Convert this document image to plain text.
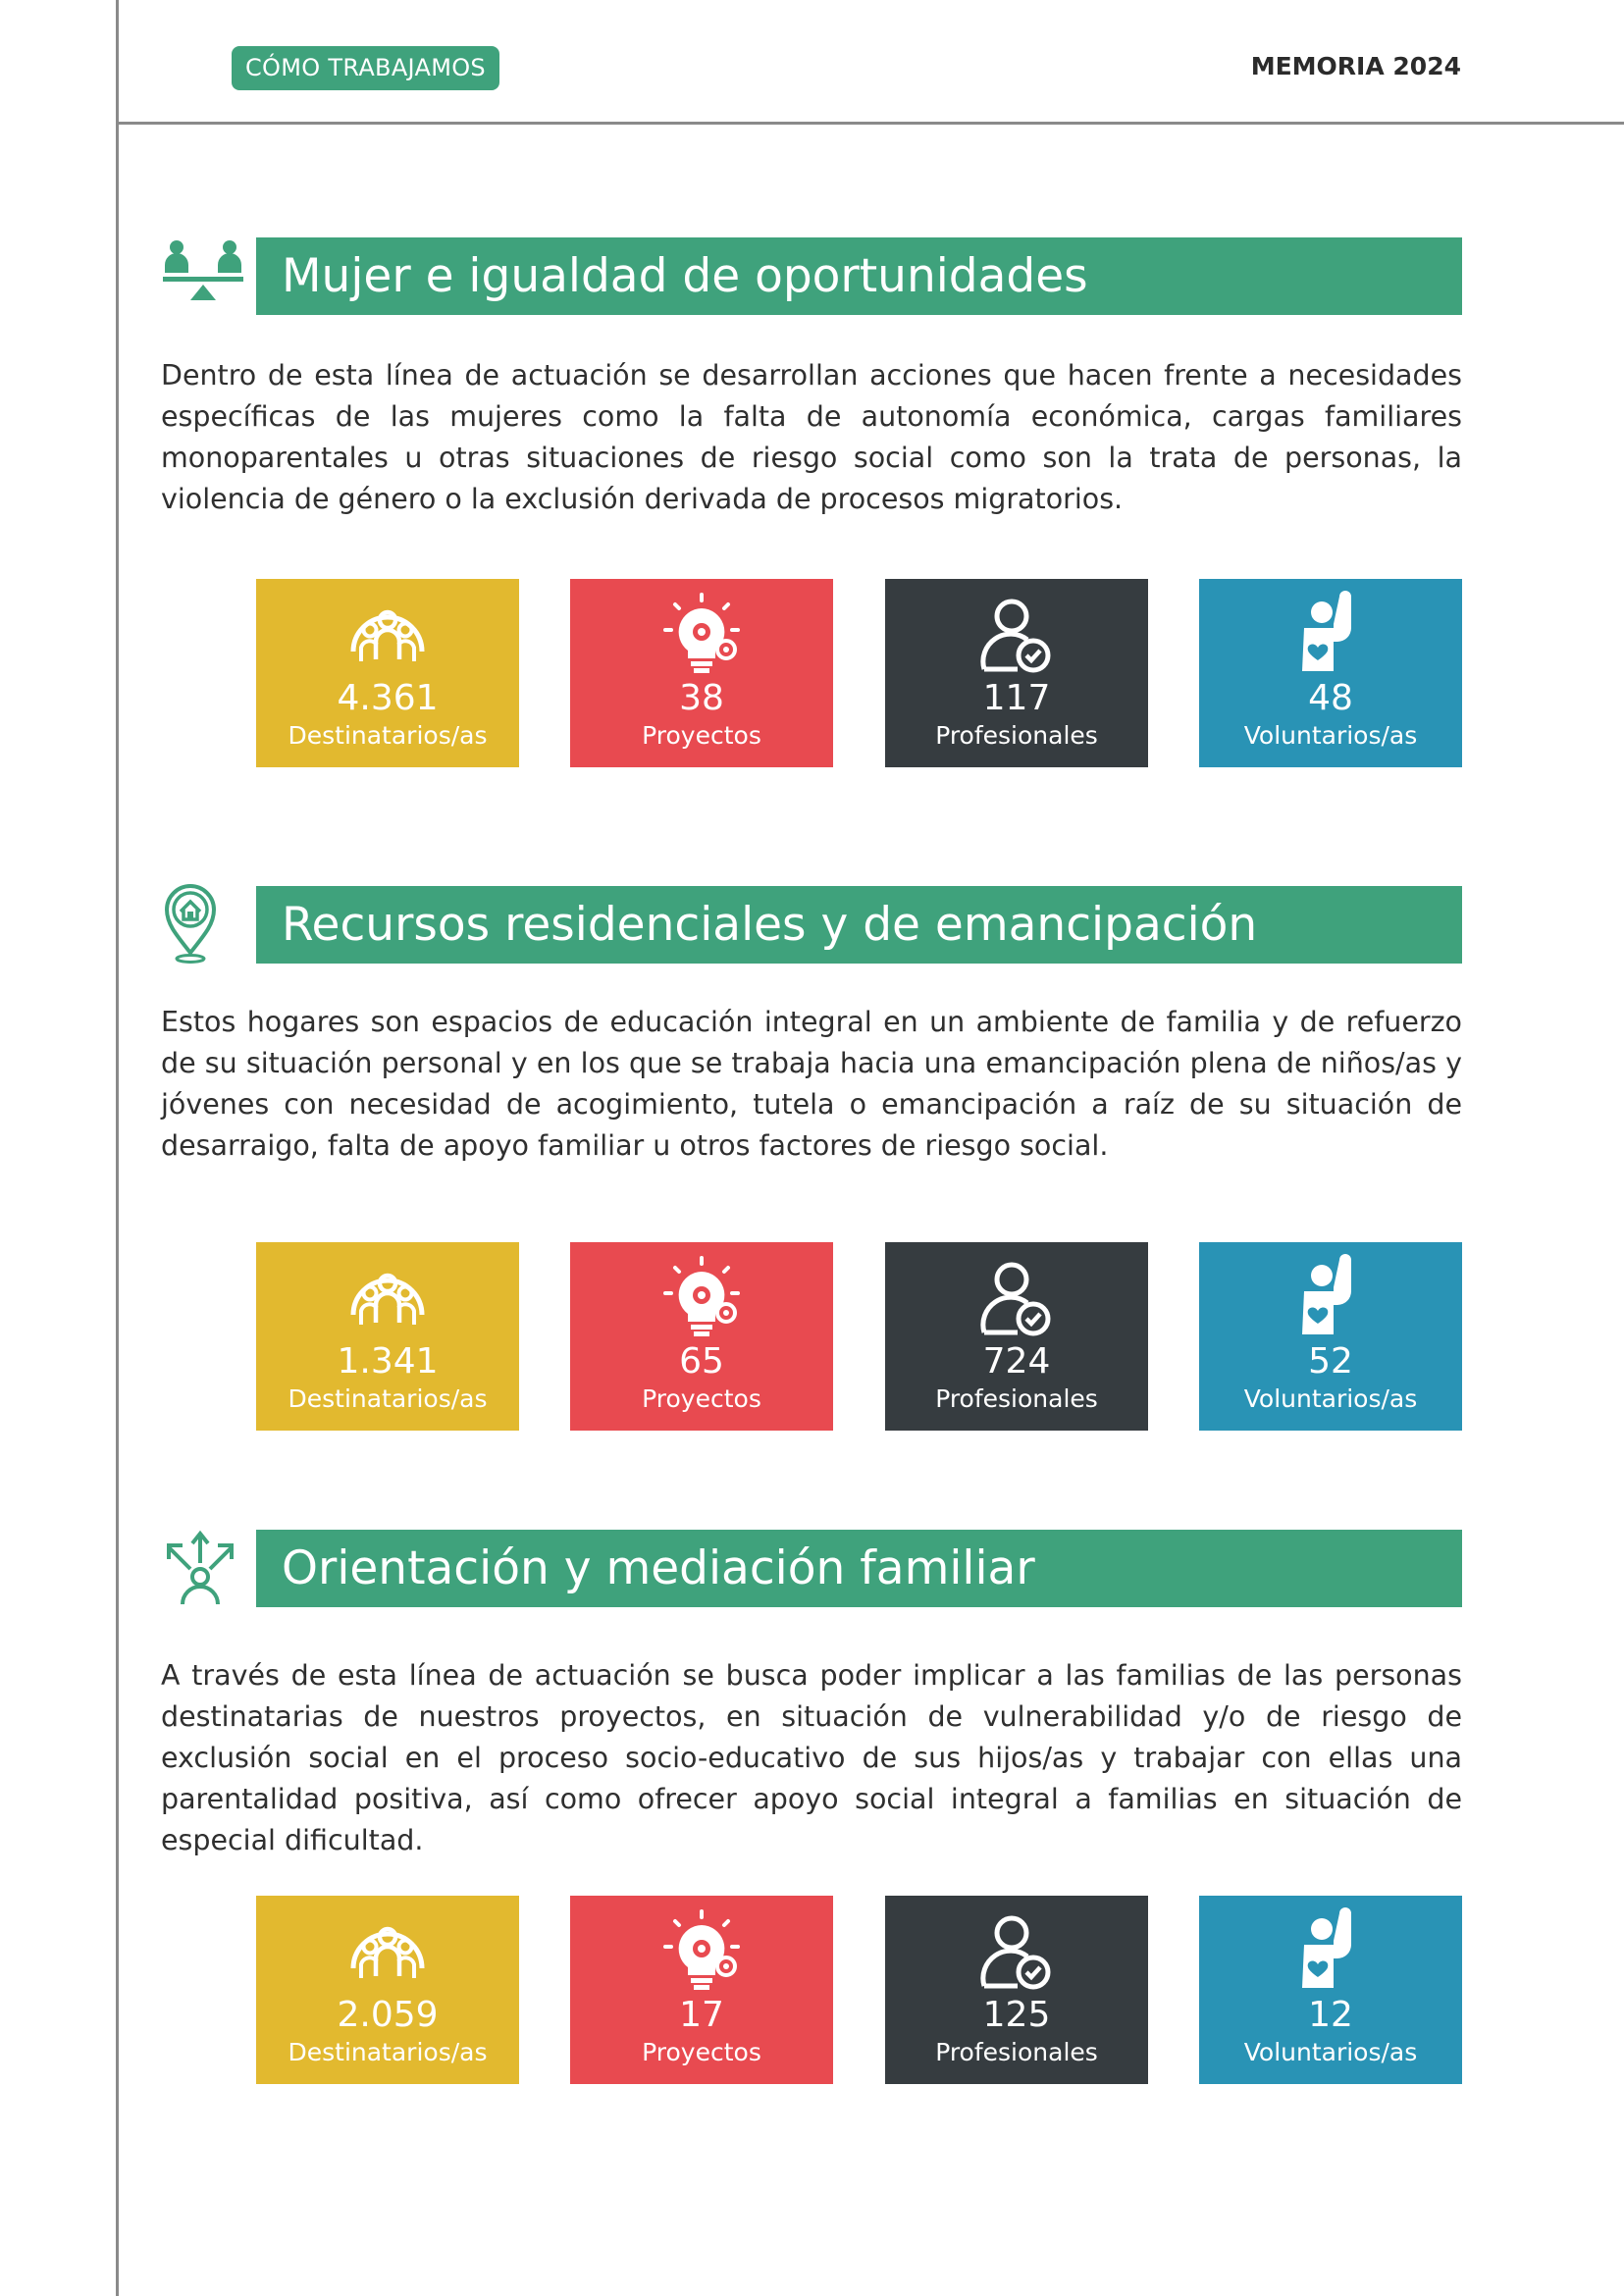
CÓMO TRABAJAMOS	MEMORIA 2024
Mujer e igualdad de oportunidades

Dentro de esta línea de actuación se desarrollan acciones que hacen frente a necesidades específicas de las mujeres como la falta de autonomía económica, cargas familiares monoparentales u otras situaciones de riesgo social como son la trata de personas, la violencia de género o la exclusión derivada de procesos migratorios.

4.361
Destinatarios/as
38
Proyectos
117
Profesionales
48
Voluntarios/as
Recursos residenciales y de emancipación

Estos hogares son espacios de educación integral en un ambiente de familia y de refuerzo de su situación personal y en los que se trabaja hacia una emancipación plena de niños/as y jóvenes con necesidad de acogimiento, tutela o emancipación a raíz de su situación de desarraigo, falta de apoyo familiar u otros factores de riesgo social.

1.341
Destinatarios/as
65
Proyectos
724
Profesionales
52
Voluntarios/as
Orientación y mediación familiar

A través de esta línea de actuación se busca poder implicar a las familias de las personas destinatarias de nuestros proyectos, en situación de vulnerabilidad y/o de riesgo de exclusión social en el proceso socio-educativo de sus hijos/as y trabajar con ellas una parentalidad positiva, así como ofrecer apoyo social integral a familias en situación de especial dificultad.

2.059
Destinatarios/as
17
Proyectos
125
Profesionales
12
Voluntarios/as
